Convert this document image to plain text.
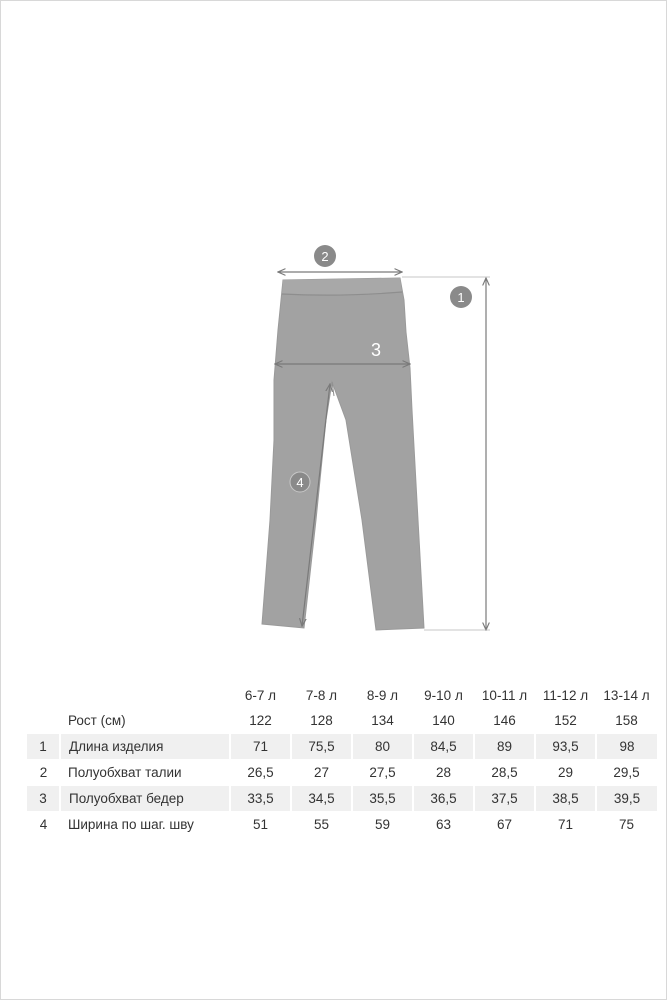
1
2
3
4
		6-7 л	7-8 л	8-9 л	9-10 л	10-11 л	11-12 л	13-14 л
	Рост (см)	122	128	134	140	146	152	158
1	Длина изделия	71	75,5	80	84,5	89	93,5	98
2	Полуобхват талии	26,5	27	27,5	28	28,5	29	29,5
3	Полуобхват бедер	33,5	34,5	35,5	36,5	37,5	38,5	39,5
4	Ширина по шаг. шву	51	55	59	63	67	71	75
